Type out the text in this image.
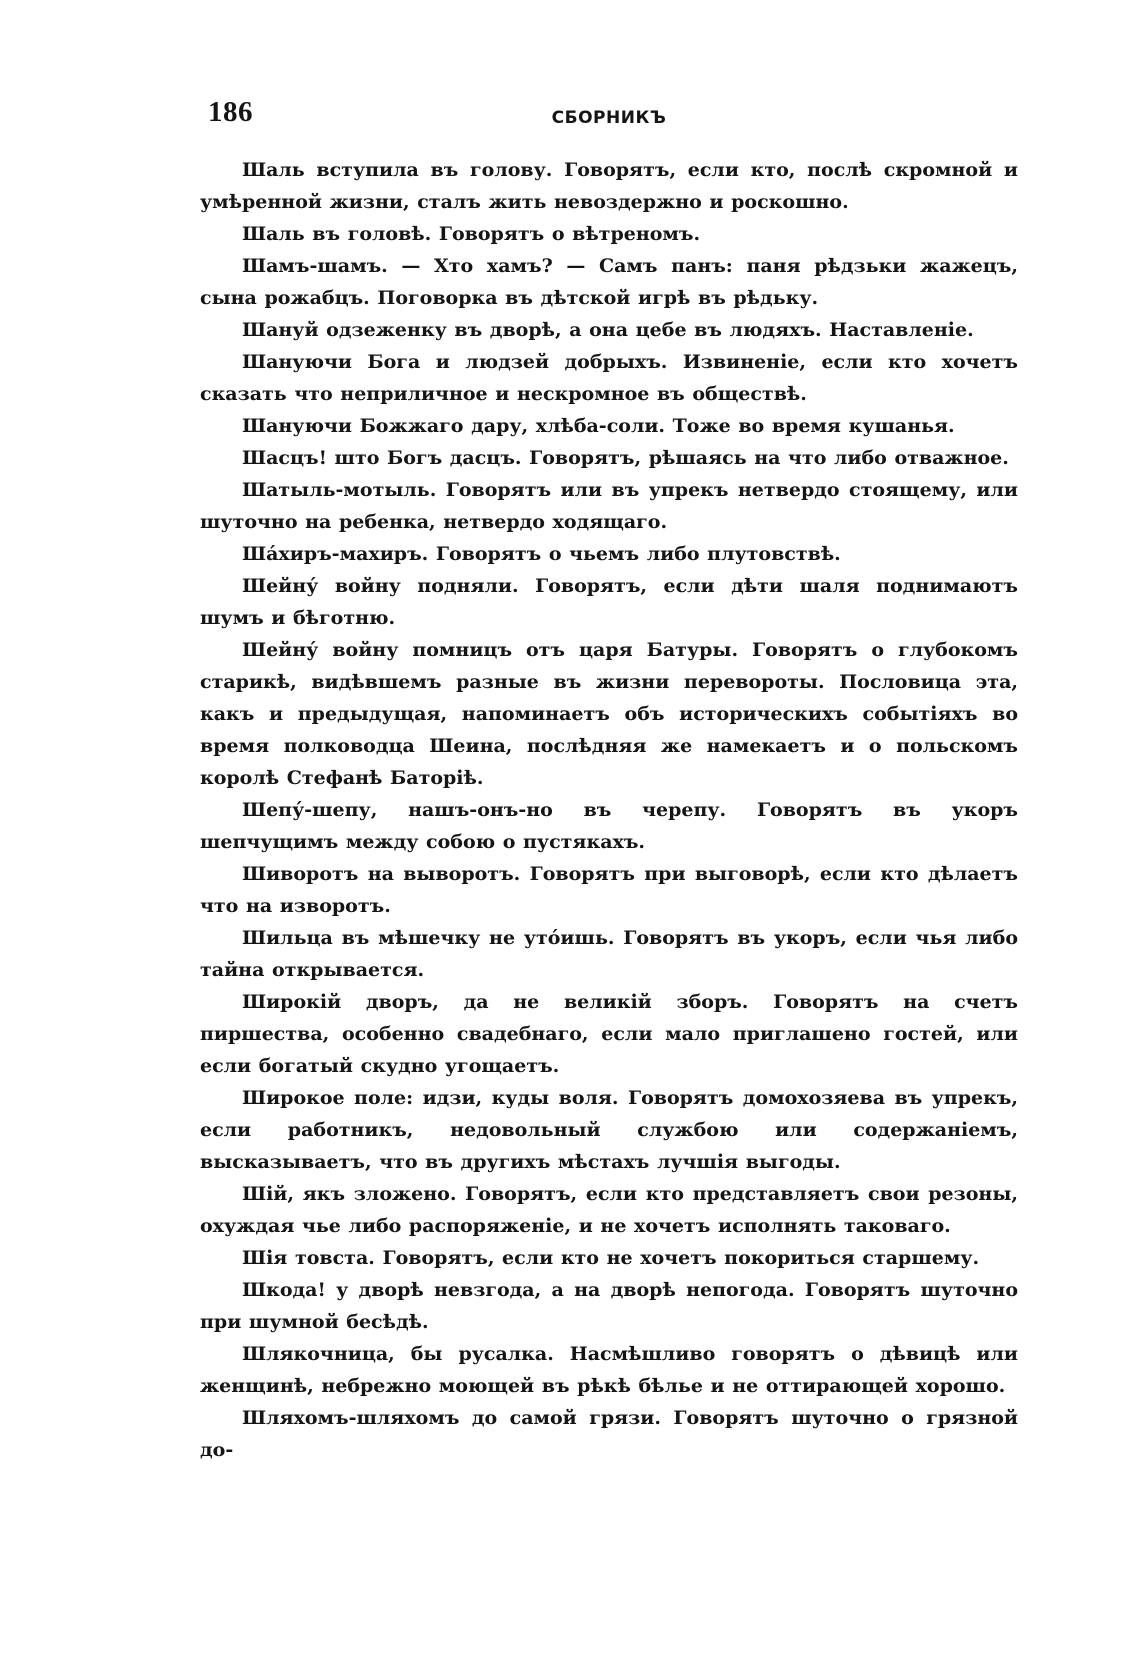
186	СБОРНИКЪ

Шаль вступила въ голову. Говорятъ, если кто, послѣ скромной и умѣренной жизни, сталъ жить невоздержно и роскошно.

Шаль въ головѣ. Говорятъ о вѣтреномъ.

Шамъ-шамъ. — Хто хамъ? — Самъ панъ: паня рѣдзьки жажецъ, сына рожабцъ. Поговорка въ дѣтской игрѣ въ рѣдьку.

Шануй одзеженку въ дворѣ, а она цебе въ людяхъ. Наставленіе.

Шануючи Бога и людзей добрыхъ. Извиненіе, если кто хочетъ сказать что неприличное и нескромное въ обществѣ.

Шануючи Божжаго дару, хлѣба-соли. Тоже во время кушанья.

Шасцъ! што Богъ дасцъ. Говорятъ, рѣшаясь на что либо отважное.

Шатыль-мотыль. Говорятъ или въ упрекъ нетвердо стоящему, или шуточно на ребенка, нетвердо ходящаго.

Шáхиръ-махиръ. Говорятъ о чьемъ либо плутовствѣ.

Шейну́ войну подняли. Говорятъ, если дѣти шаля поднимаютъ шумъ и бѣготню.

Шейну́ войну помницъ отъ царя Батуры. Говорятъ о глубокомъ старикѣ, видѣвшемъ разные въ жизни перевороты. Пословица эта, какъ и предыдущая, напоминаетъ объ историческихъ событіяхъ во время полководца Шеина, послѣдняя же намекаетъ и о польскомъ королѣ Стефанѣ Баторіѣ.

Шепу́-шепу, нашъ-онъ-но въ черепу. Говорятъ въ укоръ шепчущимъ между собою о пустякахъ.

Шиворотъ на выворотъ. Говорятъ при выговорѣ, если кто дѣлаетъ что на изворотъ.

Шильца въ мѣшечку не утóишь. Говорятъ въ укоръ, если чья либо тайна открывается.

Широкій дворъ, да не великій зборъ. Говорятъ на счетъ пиршества, особенно свадебнаго, если мало приглашено гостей, или если богатый скудно угощаетъ.

Широкое поле: идзи, куды воля. Говорятъ домохозяева въ упрекъ, если работникъ, недовольный службою или содержаніемъ, высказываетъ, что въ другихъ мѣстахъ лучшія выгоды.

Шій, якъ зложено. Говорятъ, если кто представляетъ свои резоны, охуждая чье либо распоряженіе, и не хочетъ исполнять таковаго.

Шія товста. Говорятъ, если кто не хочетъ покориться старшему.

Шкода! у дворѣ невзгода, а на дворѣ непогода. Говорятъ шуточно при шумной бесѣдѣ.

Шлякочница, бы русалка. Насмѣшливо говорятъ о дѣвицѣ или женщинѣ, небрежно моющей въ рѣкѣ бѣлье и не оттирающей хорошо.

Шляхомъ-шляхомъ до самой грязи. Говорятъ шуточно о грязной до-
